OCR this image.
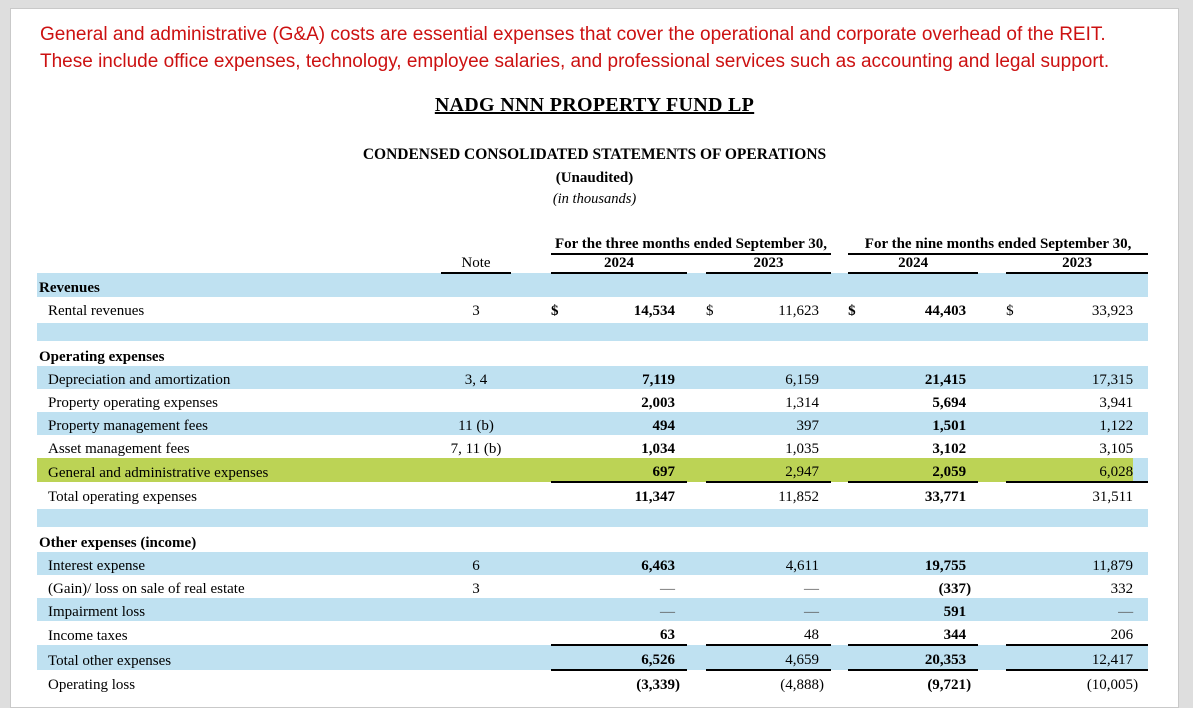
General and administrative (G&A) costs are essential expenses that cover the operational and corporate overhead of the REIT. These include office expenses, technology, employee salaries, and professional services such as accounting and legal support.
NADG NNN PROPERTY FUND LP
CONDENSED CONSOLIDATED STATEMENTS OF OPERATIONS
(Unaudited)
(in thousands)
			For the three months ended September 30,								For the nine months ended September 30,						
	Note		2024				2023				2024				2023		
Revenues																	
Rental revenues	3		$	14,534			$	11,623			$	44,403			$	33,923	

Operating expenses																	
Depreciation and amortization	3, 4			7,119				6,159				21,415				17,315	
Property operating expenses				2,003				1,314				5,694				3,941	
Property management fees	11 (b)			494				397				1,501				1,122	
Asset management fees	7, 11 (b)			1,034				1,035				3,102				3,105	
General and administrative expenses				697				2,947				2,059				6,028	
Total operating expenses				11,347				11,852				33,771				31,511	

Other expenses (income)																	
Interest expense	6			6,463				4,611				19,755				11,879	
(Gain)/ loss on sale of real estate	3			—				—				(337	)			332	
Impairment loss				—				—				591				—	
Income taxes				63				48				344				206	
Total other expenses				6,526				4,659				20,353				12,417	
Operating loss				(3,339	)			(4,888	)			(9,721	)			(10,005	)
